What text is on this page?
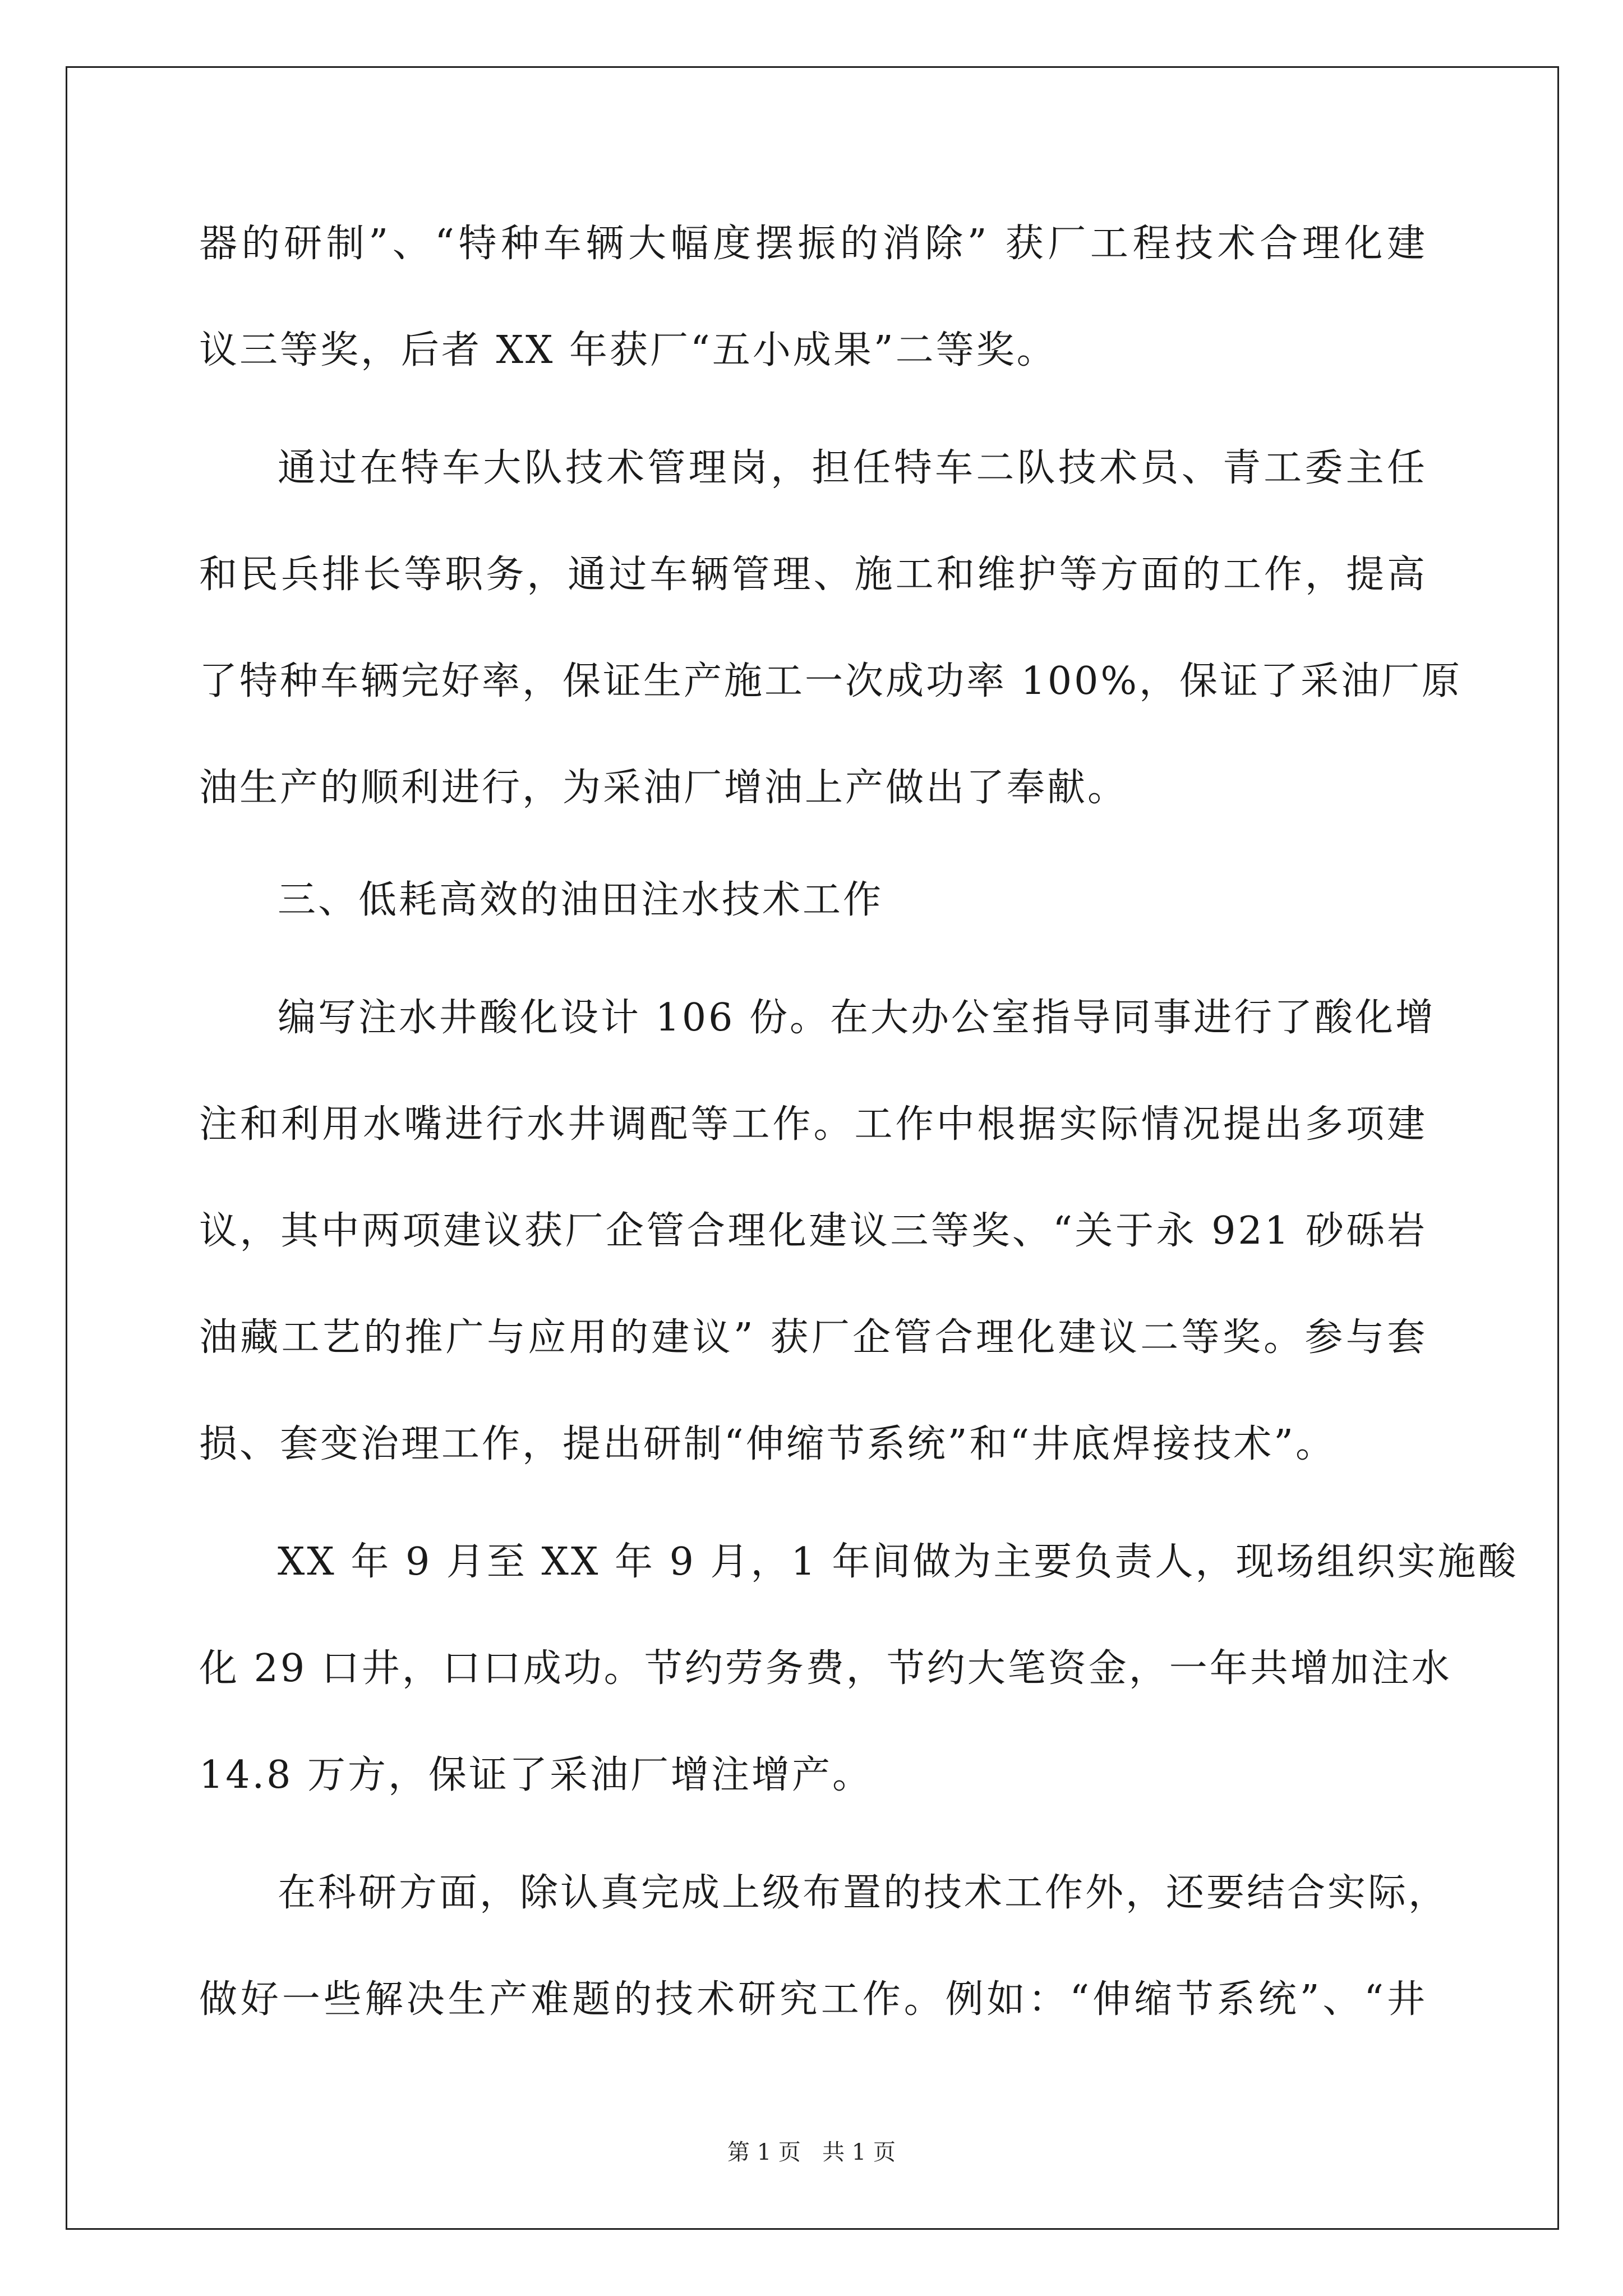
器的研制”、“特种车辆大幅度摆振的消除” 获厂工程技术合理化建
议三等奖，后者 XX 年获厂“五小成果”二等奖。
通过在特车大队技术管理岗，担任特车二队技术员、青工委主任
和民兵排长等职务，通过车辆管理、施工和维护等方面的工作，提高
了特种车辆完好率，保证生产施工一次成功率 100%，保证了采油厂原
油生产的顺利进行，为采油厂增油上产做出了奉献。
三、低耗高效的油田注水技术工作
编写注水井酸化设计 106 份。在大办公室指导同事进行了酸化增
注和利用水嘴进行水井调配等工作。工作中根据实际情况提出多项建
议，其中两项建议获厂企管合理化建议三等奖、“关于永 921 砂砾岩
油藏工艺的推广与应用的建议” 获厂企管合理化建议二等奖。参与套
损、套变治理工作，提出研制“伸缩节系统”和“井底焊接技术”。
XX 年 9 月至 XX 年 9 月，1 年间做为主要负责人，现场组织实施酸
化 29 口井，口口成功。节约劳务费，节约大笔资金，一年共增加注水
14.8 万方，保证了采油厂增注增产。
在科研方面，除认真完成上级布置的技术工作外，还要结合实际，
做好一些解决生产难题的技术研究工作。例如：“伸缩节系统”、“井
第 1 页   共 1 页
